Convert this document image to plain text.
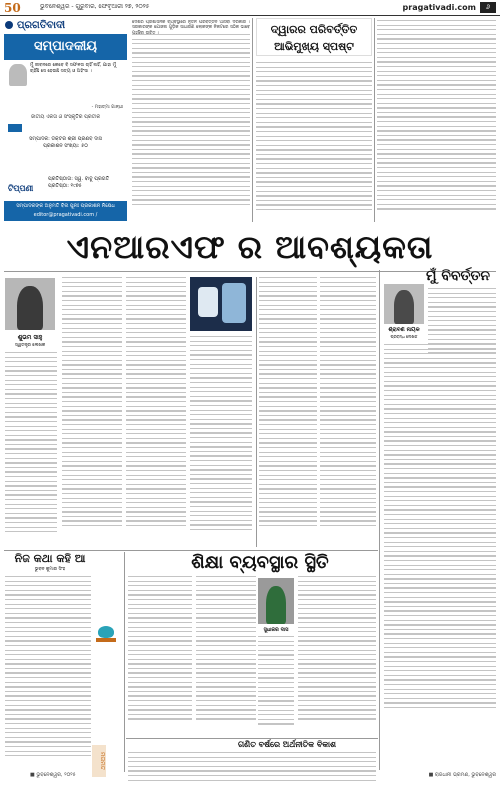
50	ଭୁବନେଶ୍ୱର - ଗୁରୁବାର, ଫେବୃଆରୀ ୨୭, ୨୦୨୫	pragativadi.com	୬
ପ୍ରଗତିବାଦୀ
ସମ୍ପାଦକୀୟ
ମୁଁ ଜୀବନରେ କେବେ ବି ସଫଳତା ଚାହିଁ ନାହିଁ, ଯାହା ମୁଁ ଚାହିଁଛି ସେ ହେଉଛି ସତ୍ୟ ଓ ଅହିଂସା ।
- ମହାତ୍ମା ଗାନ୍ଧୀ
ଜାତୀୟ ଏକତା ଓ ସଂସ୍କୃତିର ପ୍ରତୀକ
ସମ୍ପାଦକ: ଡକ୍ଟର ଶ୍ରୀ ପ୍ରଣବ ଦାସ
ପ୍ରକାଶନ ସଂଖ୍ୟା: ୫୦
ଟିପ୍ପଣୀ
ପ୍ରତିଷ୍ଠାତା: ସ୍ୱ. ବାବୁ ପ୍ରଗତି
ପ୍ରତିଷ୍ଠା: ୧୯୭୫
ସମ୍ପାଦକଙ୍କ ଅନୁମତି ବିନା ପୁନଃ ପ୍ରକାଶନ ନିଷେଧ
editor@pragativadi.com / feature@pragativadi.com

ଦେଶର ପ୍ରଶାସନିକ ବ୍ୟବସ୍ଥାରେ ନୂତନ ପରିବର୍ତ୍ତନ ଆସିବା ଦରକାର । ସରକାରଙ୍କ ଯୋଜନା ଗୁଡ଼ିକ ସାଧାରଣ ଲୋକଙ୍କ ନିକଟରେ ସଠିକ ଭାବେ	ଦ୍ୱାରର ପରିବର୍ତ୍ତିତ ଆଭିମୁଖ୍ୟ ସ୍ପଷ୍ଟ
ଏନଆରଏଫ ର ଆବଶ୍ୟକତା
ଶୁଭମ ସାହୁ
ସ୍ୱତନ୍ତ୍ର ଲେଖକ
ମୁଁ ବିବର୍ତ୍ତନ
ଶ୍ରାବଣ ନାୟକ
ପ୍ରବନ୍ଧ ଲେଖକ
■ ରାଜଧାନୀ ଭ୍ରମଣ, ଭୁବନେଶ୍ୱର
ନିଜ କଥା କହି ଆ
ଭୁବନ କୁମାର ସିଂହ
■ ଭୁବନେଶ୍ୱର, ୨୦୨୫
ମତାମତ
ଶିକ୍ଷା ବ୍ୟବସ୍ଥାର ସ୍ଥିତି
ସୁଧାକର ଦାସ
ଗଣିତ ବର୍ଷରେ ଅର୍ଥନୀତିକ ବିକାଶ
